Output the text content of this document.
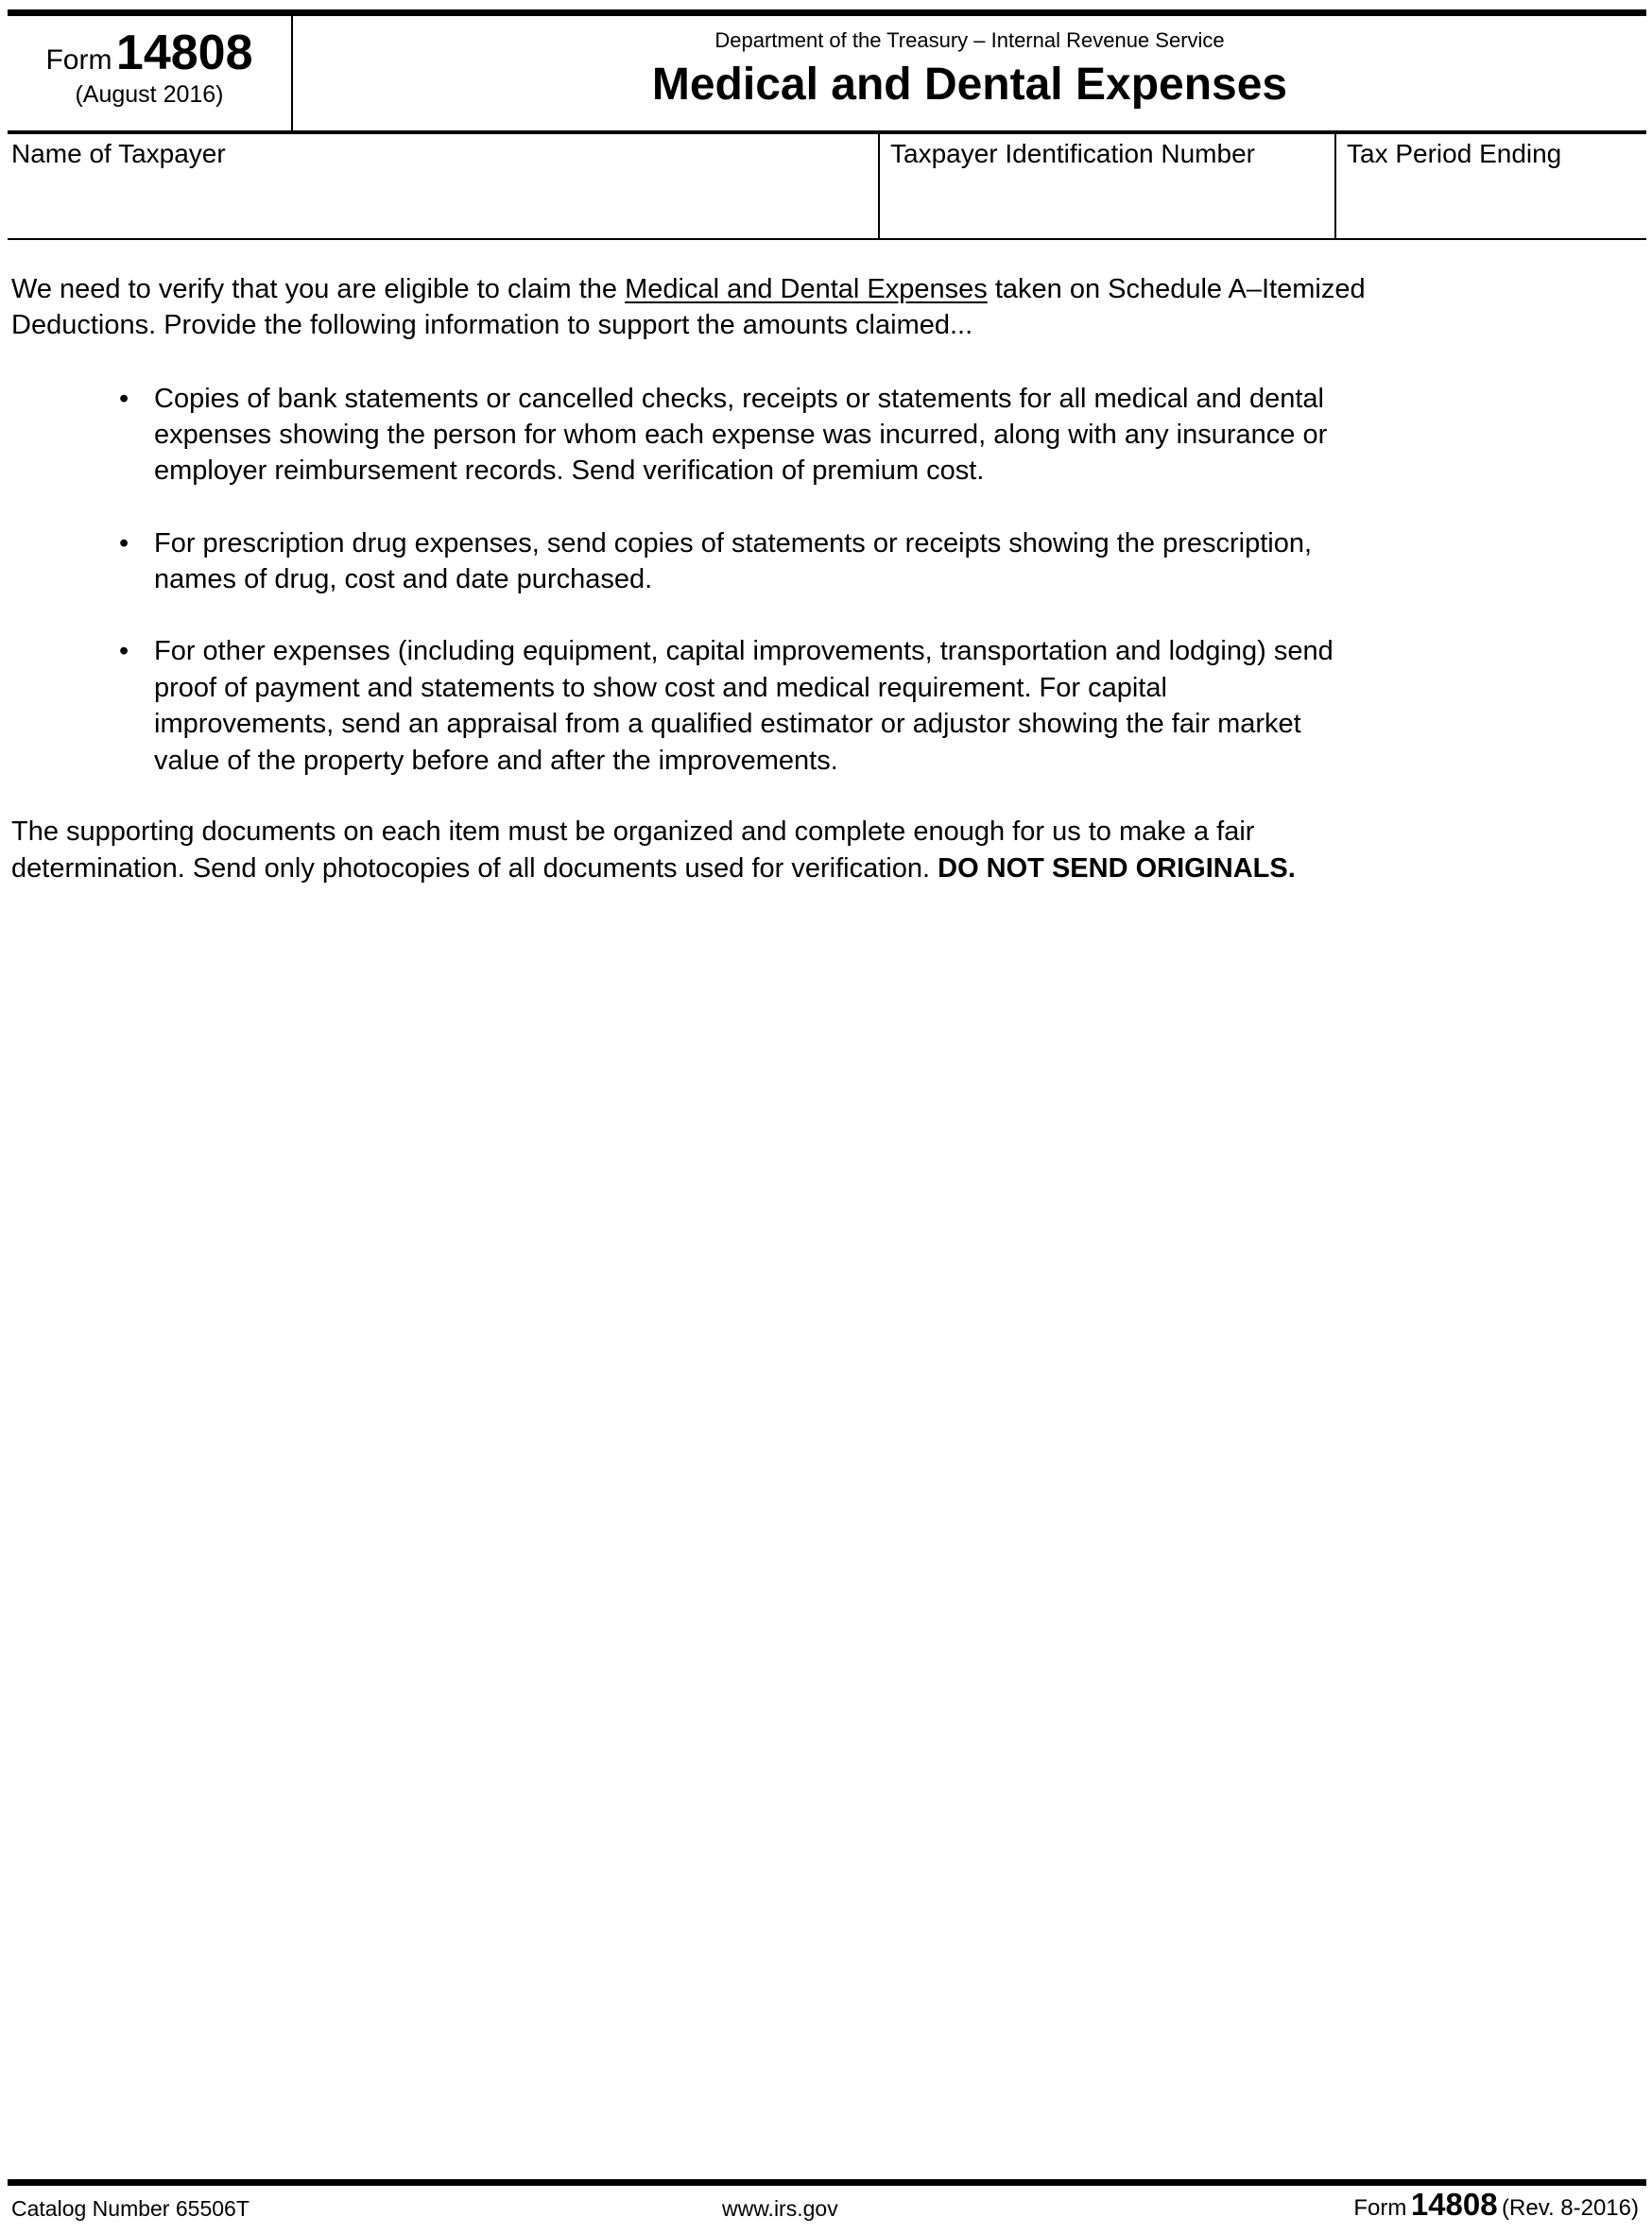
Form 14808
(August 2016)
Department of the Treasury – Internal Revenue Service
Medical and Dental Expenses
Name of Taxpayer	Taxpayer Identification Number	Tax Period Ending
We need to verify that you are eligible to claim the Medical and Dental Expenses taken on Schedule A–Itemized
Deductions. Provide the following information to support the amounts claimed...
• Copies of bank statements or cancelled checks, receipts or statements for all medical and dental
expenses showing the person for whom each expense was incurred, along with any insurance or
employer reimbursement records. Send verification of premium cost.
• For prescription drug expenses, send copies of statements or receipts showing the prescription,
names of drug, cost and date purchased.
• For other expenses (including equipment, capital improvements, transportation and lodging) send
proof of payment and statements to show cost and medical requirement. For capital
improvements, send an appraisal from a qualified estimator or adjustor showing the fair market
value of the property before and after the improvements.
The supporting documents on each item must be organized and complete enough for us to make a fair
determination. Send only photocopies of all documents used for verification. DO NOT SEND ORIGINALS.
Catalog Number 65506T	www.irs.gov	Form 14808 (Rev. 8-2016)
